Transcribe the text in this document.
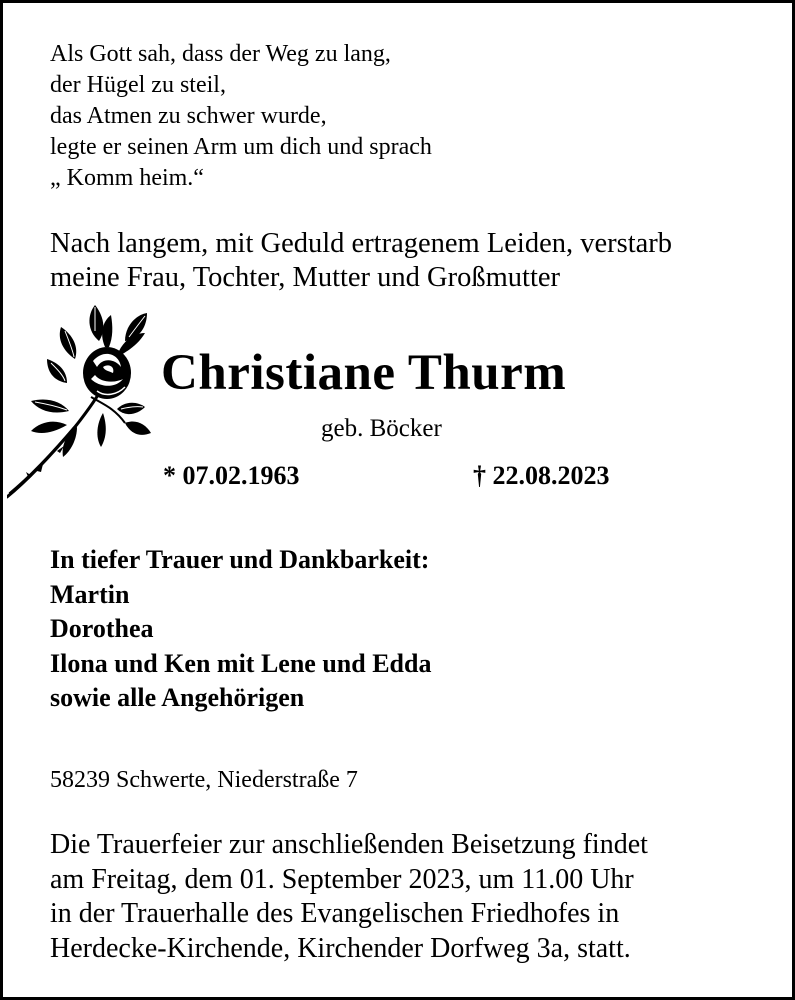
Als Gott sah, dass der Weg zu lang,
der Hügel zu steil,
das Atmen zu schwer wurde,
legte er seinen Arm um dich und sprach
„ Komm heim.“
Nach langem, mit Geduld ertragenem Leiden, verstarb
meine Frau, Tochter, Mutter und Großmutter
Christiane Thurm
geb. Böcker
* 07.02.1963	† 22.08.2023
In tiefer Trauer und Dankbarkeit:
Martin
Dorothea
Ilona und Ken mit Lene und Edda
sowie alle Angehörigen
58239 Schwerte, Niederstraße 7
Die Trauerfeier zur anschließenden Beisetzung findet
am Freitag, dem 01. September 2023, um 11.00 Uhr
in der Trauerhalle des Evangelischen Friedhofes in
Herdecke-Kirchende, Kirchender Dorfweg 3a, statt.
